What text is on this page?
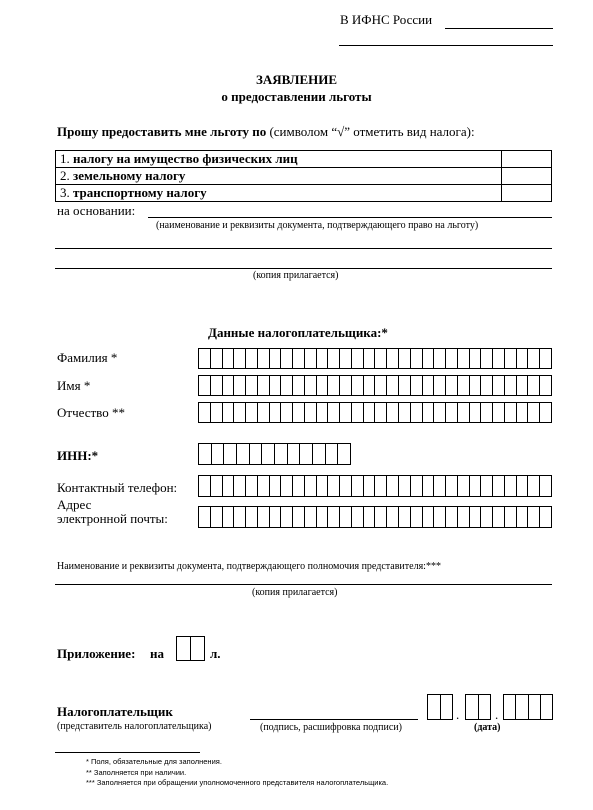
В ИФНС России
ЗАЯВЛЕНИЕ
о предоставлении льготы
Прошу предоставить мне льготу по (символом “√” отметить вид налога):
1. налогу на имущество физических лиц	
2. земельному налогу	
3. транспортному налогу	
на основании:
(наименование и реквизиты документа, подтверждающего право на льготу)
(копия прилагается)
Данные налогоплательщика:*
Фамилия *
Имя *
Отчество **
ИНН:*
Контактный телефон:
Адрес
электронной почты:
Наименование и реквизиты документа, подтверждающего полномочия представителя:***
(копия прилагается)
Приложение: на	л.
Налогоплательщик
(представитель налогоплательщика)	(подпись, расшифровка подписи)
.	.
(дата)
* Поля, обязательные для заполнения.
** Заполняется при наличии.
*** Заполняется при обращении уполномоченного представителя налогоплательщика.
